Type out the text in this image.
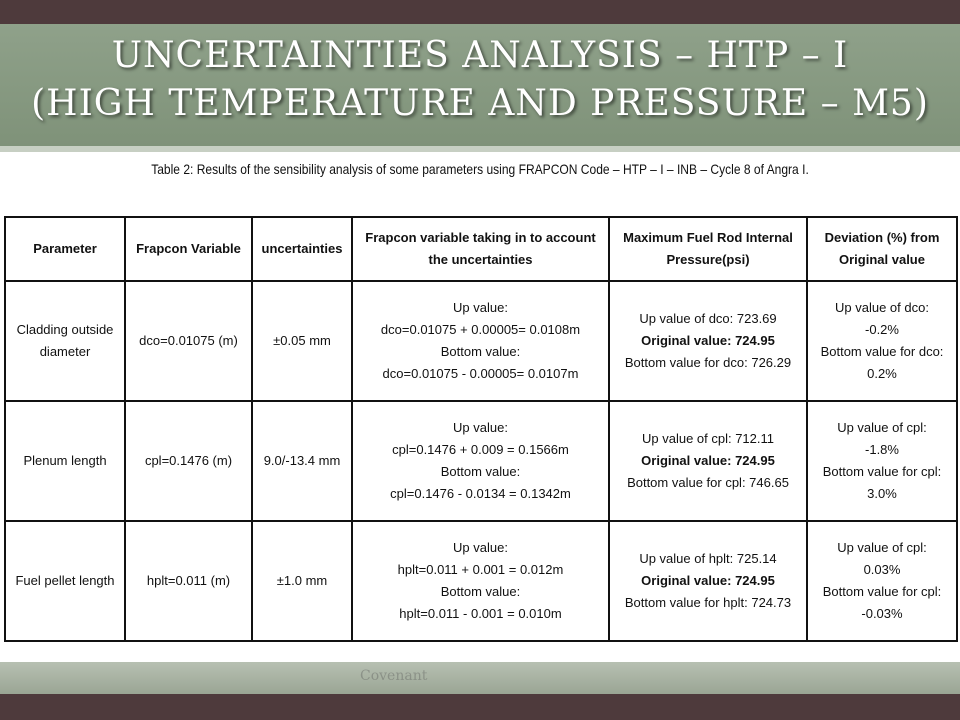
UNCERTAINTIES ANALYSIS – HTP – I
(HIGH TEMPERATURE AND PRESSURE – M5)
Table 2: Results of the sensibility analysis of some parameters using FRAPCON Code – HTP – I – INB – Cycle 8 of Angra I.
Parameter	Frapcon Variable	uncertainties	Frapcon variable taking in to account the uncertainties	Maximum Fuel Rod Internal Pressure(psi)	Deviation (%) from Original value
Cladding outside diameter	dco=0.01075 (m)	±0.05 mm	Up value:
dco=0.01075 + 0.00005= 0.0108m
Bottom value:
dco=0.01075 - 0.00005= 0.0107m	Up value of dco: 723.69
Original value: 724.95
Bottom value for dco: 726.29	Up value of dco:
-0.2%
Bottom value for dco:
0.2%

Plenum length	cpl=0.1476 (m)	9.0/-13.4 mm	Up value:
cpl=0.1476 + 0.009 = 0.1566m
Bottom value:
cpl=0.1476 - 0.0134 = 0.1342m	Up value of cpl: 712.11
Original value: 724.95
Bottom value for cpl: 746.65	Up value of cpl:
-1.8%
Bottom value for cpl:
3.0%

Fuel pellet length	hplt=0.011 (m)	±1.0 mm	Up value:
hplt=0.011 + 0.001 = 0.012m
Bottom value:
hplt=0.011 - 0.001 = 0.010m	Up value of hplt: 725.14
Original value: 724.95
Bottom value for hplt: 724.73	Up value of cpl:
0.03%
Bottom value for cpl:
-0.03%
Covenant
